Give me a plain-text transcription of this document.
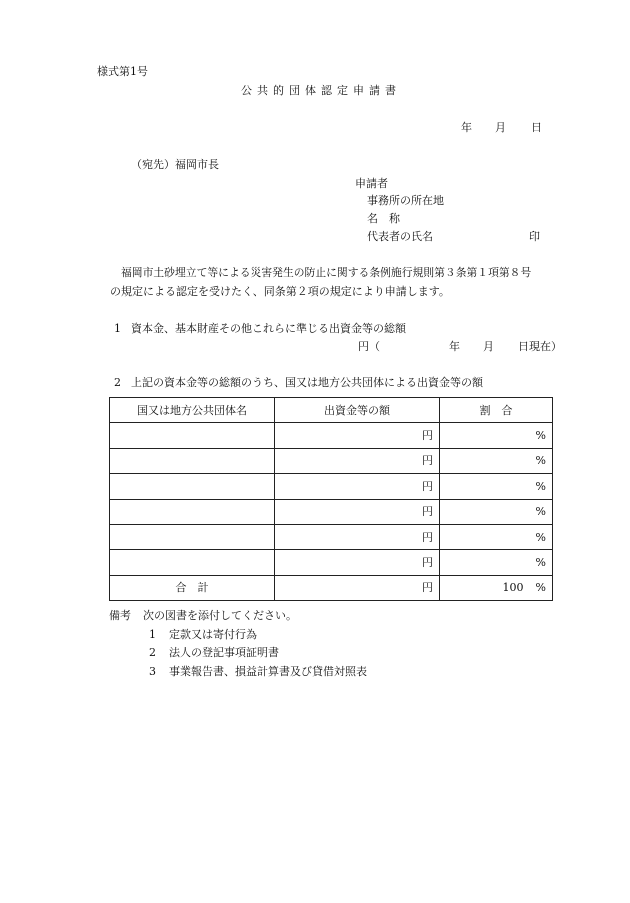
様式第1号
公共的団体認定申請書
年 月 日
（宛先）福岡市長
申請者
事務所の所在地
名　称
代表者の氏名	印
福岡市土砂埋立て等による災害発生の防止に関する条例施行規則第３条第１項第８号
の規定による認定を受けたく、同条第２項の規定により申請します。
1 資本金、基本財産その他これらに準じる出資金等の総額
円（	年 月 日現在）
2 上記の資本金等の総額のうち、国又は地方公共団体による出資金等の額
国又は地方公共団体名	出資金等の額	割　合
	円	%
	円	%
	円	%
	円	%
	円	%
	円	%
合　計	円	100 %
備考 次の図書を添付してください。
1 定款又は寄付行為
2 法人の登記事項証明書
3 事業報告書、損益計算書及び貸借対照表
